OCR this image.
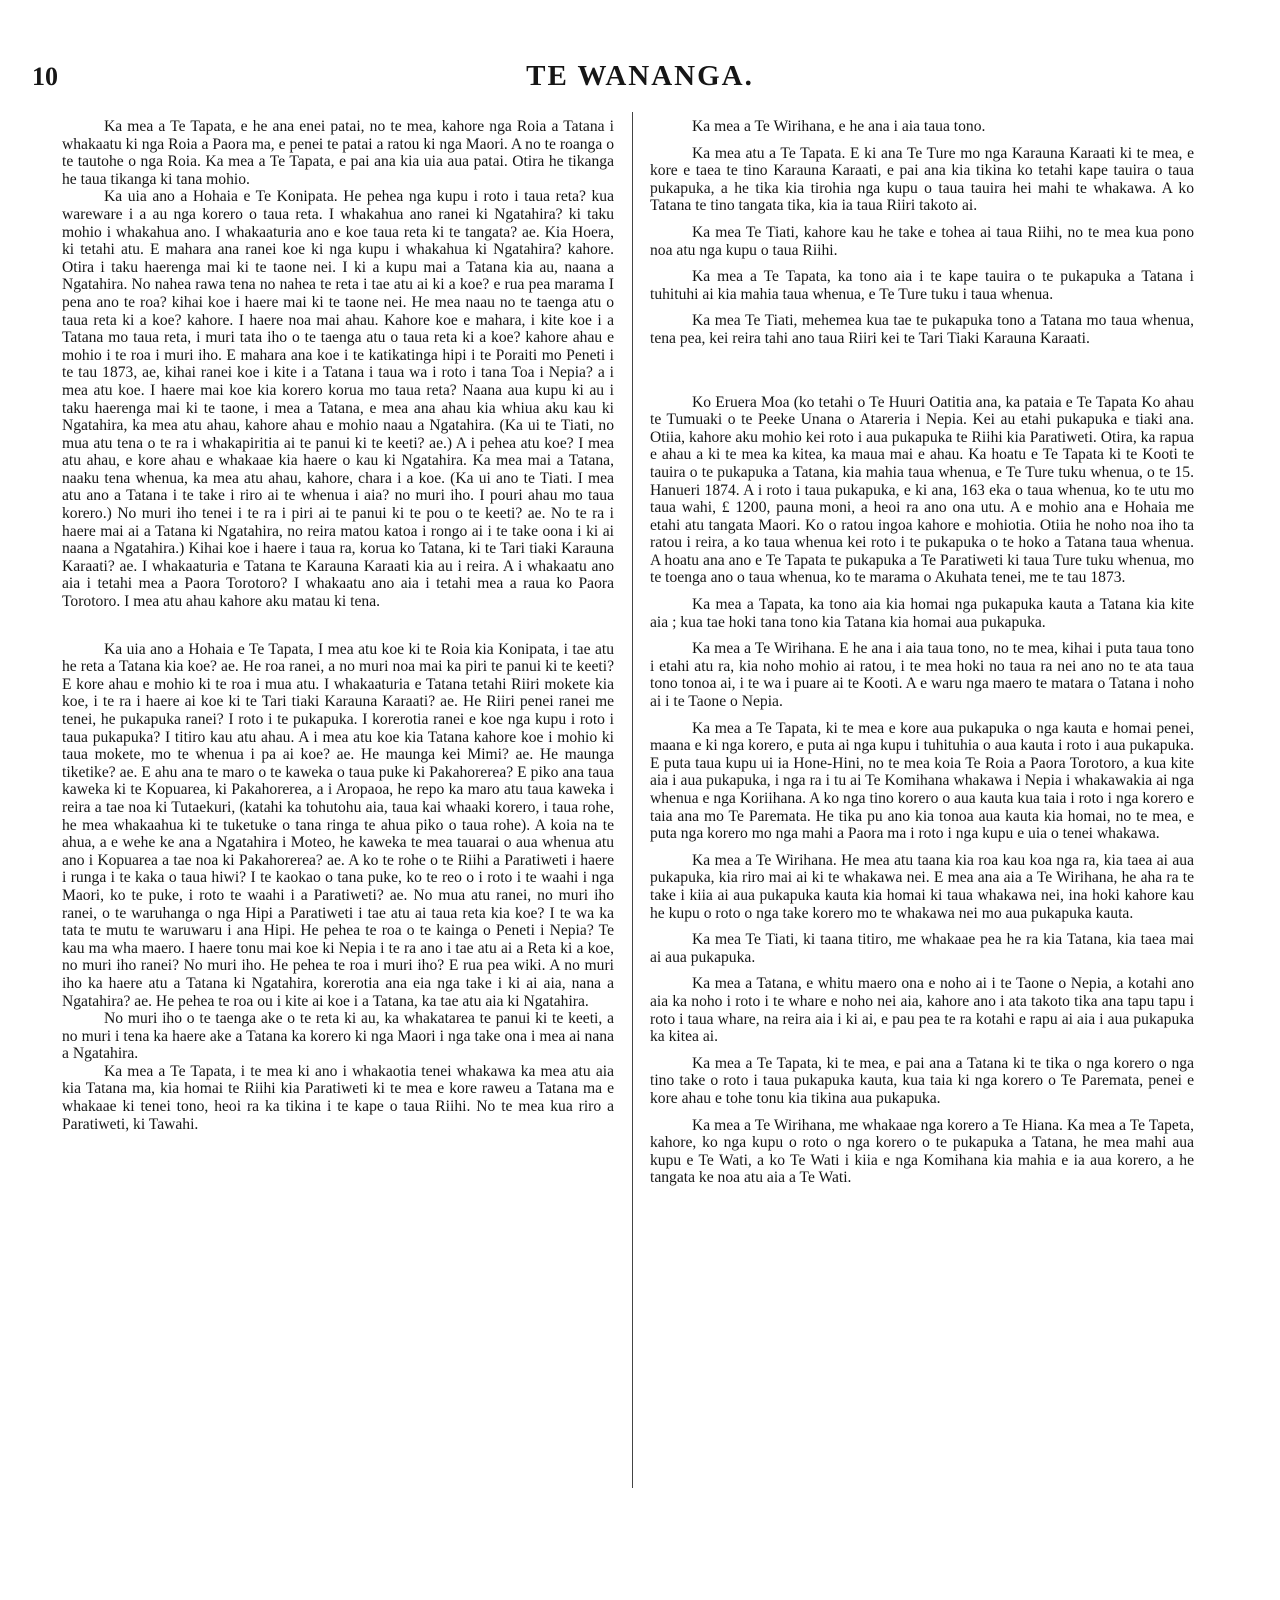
10	TE WANANGA.

Ka mea a Te Tapata, e he ana enei patai, no te mea, kahore nga Roia a Tatana i whakaatu ki nga Roia a Paora ma, e penei te patai a ratou ki nga Maori. A no te roanga o te tautohe o nga Roia. Ka mea a Te Tapata, e pai ana kia uia aua patai. Otira he tikanga he taua tikanga ki tana mohio.

Ka uia ano a Hohaia e Te Konipata. He pehea nga kupu i roto i taua reta? kua wareware i a au nga korero o taua reta. I whakahua ano ranei ki Ngatahira? ki taku mohio i whakahua ano. I whakaaturia ano e koe taua reta ki te tangata? ae. Kia Hoera, ki tetahi atu. E mahara ana ranei koe ki nga kupu i whakahua ki Ngatahira? kahore. Otira i taku haerenga mai ki te taone nei. I ki a kupu mai a Tatana kia au, naana a Ngatahira. No nahea rawa tena no nahea te reta i tae atu ai ki a koe? e rua pea marama I pena ano te roa? kihai koe i haere mai ki te taone nei. He mea naau no te taenga atu o taua reta ki a koe? kahore. I haere noa mai ahau. Kahore koe e mahara, i kite koe i a Tatana mo taua reta, i muri tata iho o te taenga atu o taua reta ki a koe? kahore ahau e mohio i te roa i muri iho. E mahara ana koe i te katikatinga hipi i te Poraiti mo Peneti i te tau 1873, ae, kihai ranei koe i kite i a Tatana i taua wa i roto i tana Toa i Nepia? a i mea atu koe. I haere mai koe kia korero korua mo taua reta? Naana aua kupu ki au i taku haerenga mai ki te taone, i mea a Tatana, e mea ana ahau kia whiua aku kau ki Ngatahira, ka mea atu ahau, kahore ahau e mohio naau a Ngatahira. (Ka ui te Tiati, no mua atu tena o te ra i whakapiritia ai te panui ki te keeti? ae.) A i pehea atu koe? I mea atu ahau, e kore ahau e whakaae kia haere o kau ki Ngatahira. Ka mea mai a Tatana, naaku tena whenua, ka mea atu ahau, kahore, chara i a koe. (Ka ui ano te Tiati. I mea atu ano a Tatana i te take i riro ai te whenua i aia? no muri iho. I pouri ahau mo taua korero.) No muri iho tenei i te ra i piri ai te panui ki te pou o te keeti? ae. No te ra i haere mai ai a Tatana ki Ngatahira, no reira matou katoa i rongo ai i te take oona i ki ai naana a Ngatahira.) Kihai koe i haere i taua ra, korua ko Tatana, ki te Tari tiaki Karauna Karaati? ae. I whakaaturia e Tatana te Karauna Karaati kia au i reira. A i whakaatu ano aia i tetahi mea a Paora Torotoro? I whakaatu ano aia i tetahi mea a raua ko Paora Torotoro. I mea atu ahau kahore aku matau ki tena.

Ka uia ano a Hohaia e Te Tapata, I mea atu koe ki te Roia kia Konipata, i tae atu he reta a Tatana kia koe? ae. He roa ranei, a no muri noa mai ka piri te panui ki te keeti? E kore ahau e mohio ki te roa i mua atu. I whakaaturia e Tatana tetahi Riiri mokete kia koe, i te ra i haere ai koe ki te Tari tiaki Karauna Karaati? ae. He Riiri penei ranei me tenei, he pukapuka ranei? I roto i te pukapuka. I korerotia ranei e koe nga kupu i roto i taua pukapuka? I titiro kau atu ahau. A i mea atu koe kia Tatana kahore koe i mohio ki taua mokete, mo te whenua i pa ai koe? ae. He maunga kei Mimi? ae. He maunga tiketike? ae. E ahu ana te maro o te kaweka o taua puke ki Pakahorerea? E piko ana taua kaweka ki te Kopuarea, ki Pakahorerea, a i Aropaoa, he repo ka maro atu taua kaweka i reira a tae noa ki Tutaekuri, (katahi ka tohutohu aia, taua kai whaaki korero, i taua rohe, he mea whakaahua ki te tuketuke o tana ringa te ahua piko o taua rohe). A koia na te ahua, a e wehe ke ana a Ngatahira i Moteo, he kaweka te mea tauarai o aua whenua atu ano i Kopuarea a tae noa ki Pakahorerea? ae. A ko te rohe o te Riihi a Paratiweti i haere i runga i te kaka o taua hiwi? I te kaokao o tana puke, ko te reo o i roto i te waahi i nga Maori, ko te puke, i roto te waahi i a Paratiweti? ae. No mua atu ranei, no muri iho ranei, o te waruhanga o nga Hipi a Paratiweti i tae atu ai taua reta kia koe? I te wa ka tata te mutu te waruwaru i ana Hipi. He pehea te roa o te kainga o Peneti i Nepia? Te kau ma wha maero. I haere tonu mai koe ki Nepia i te ra ano i tae atu ai a Reta ki a koe, no muri iho ranei? No muri iho. He pehea te roa i muri iho? E rua pea wiki. A no muri iho ka haere atu a Tatana ki Ngatahira, korerotia ana eia nga take i ki ai aia, nana a Ngatahira? ae. He pehea te roa ou i kite ai koe i a Tatana, ka tae atu aia ki Ngatahira.

No muri iho o te taenga ake o te reta ki au, ka whakatarea te panui ki te keeti, a no muri i tena ka haere ake a Tatana ka korero ki nga Maori i nga take ona i mea ai nana a Ngatahira.

Ka mea a Te Tapata, i te mea ki ano i whakaotia tenei whakawa ka mea atu aia kia Tatana ma, kia homai te Riihi kia Paratiweti ki te mea e kore raweu a Tatana ma e whakaae ki tenei tono, heoi ra ka tikina i te kape o taua Riihi. No te mea kua riro a Paratiweti, ki Tawahi.

Ka mea a Te Wirihana, e he ana i aia taua tono.

Ka mea atu a Te Tapata. E ki ana Te Ture mo nga Karauna Karaati ki te mea, e kore e taea te tino Karauna Karaati, e pai ana kia tikina ko tetahi kape tauira o taua pukapuka, a he tika kia tirohia nga kupu o taua tauira hei mahi te whakawa. A ko Tatana te tino tangata tika, kia ia taua Riiri takoto ai.

Ka mea Te Tiati, kahore kau he take e tohea ai taua Riihi, no te mea kua pono noa atu nga kupu o taua Riihi.

Ka mea a Te Tapata, ka tono aia i te kape tauira o te pukapuka a Tatana i tuhituhi ai kia mahia taua whenua, e Te Ture tuku i taua whenua.

Ka mea Te Tiati, mehemea kua tae te pukapuka tono a Tatana mo taua whenua, tena pea, kei reira tahi ano taua Riiri kei te Tari Tiaki Karauna Karaati.

Ko Eruera Moa (ko tetahi o Te Huuri Oatitia ana, ka pataia e Te Tapata Ko ahau te Tumuaki o te Peeke Unana o Atareria i Nepia. Kei au etahi pukapuka e tiaki ana. Otiia, kahore aku mohio kei roto i aua pukapuka te Riihi kia Paratiweti. Otira, ka rapua e ahau a ki te mea ka kitea, ka maua mai e ahau. Ka hoatu e Te Tapata ki te Kooti te tauira o te pukapuka a Tatana, kia mahia taua whenua, e Te Ture tuku whenua, o te 15. Hanueri 1874. A i roto i taua pukapuka, e ki ana, 163 eka o taua whenua, ko te utu mo taua wahi, £ 1200, pauna moni, a heoi ra ano ona utu. A e mohio ana e Hohaia me etahi atu tangata Maori. Ko o ratou ingoa kahore e mohiotia. Otiia he noho noa iho ta ratou i reira, a ko taua whenua kei roto i te pukapuka o te hoko a Tatana taua whenua. A hoatu ana ano e Te Tapata te pukapuka a Te Paratiweti ki taua Ture tuku whenua, mo te toenga ano o taua whenua, ko te marama o Akuhata tenei, me te tau 1873.

Ka mea a Tapata, ka tono aia kia homai nga pukapuka kauta a Tatana kia kite aia ; kua tae hoki tana tono kia Tatana kia homai aua pukapuka.

Ka mea a Te Wirihana. E he ana i aia taua tono, no te mea, kihai i puta taua tono i etahi atu ra, kia noho mohio ai ratou, i te mea hoki no taua ra nei ano no te ata taua tono tonoa ai, i te wa i puare ai te Kooti. A e waru nga maero te matara o Tatana i noho ai i te Taone o Nepia.

Ka mea a Te Tapata, ki te mea e kore aua pukapuka o nga kauta e homai penei, maana e ki nga korero, e puta ai nga kupu i tuhituhia o aua kauta i roto i aua pukapuka. E puta taua kupu ui ia Hone-Hini, no te mea koia Te Roia a Paora Torotoro, a kua kite aia i aua pukapuka, i nga ra i tu ai Te Komihana whakawa i Nepia i whakawakia ai nga whenua e nga Koriihana. A ko nga tino korero o aua kauta kua taia i roto i nga korero e taia ana mo Te Paremata. He tika pu ano kia tonoa aua kauta kia homai, no te mea, e puta nga korero mo nga mahi a Paora ma i roto i nga kupu e uia o tenei whakawa.

Ka mea a Te Wirihana. He mea atu taana kia roa kau koa nga ra, kia taea ai aua pukapuka, kia riro mai ai ki te whakawa nei. E mea ana aia a Te Wirihana, he aha ra te take i kiia ai aua pukapuka kauta kia homai ki taua whakawa nei, ina hoki kahore kau he kupu o roto o nga take korero mo te whakawa nei mo aua pukapuka kauta.

Ka mea Te Tiati, ki taana titiro, me whakaae pea he ra kia Tatana, kia taea mai ai aua pukapuka.

Ka mea a Tatana, e whitu maero ona e noho ai i te Taone o Nepia, a kotahi ano aia ka noho i roto i te whare e noho nei aia, kahore ano i ata takoto tika ana tapu tapu i roto i taua whare, na reira aia i ki ai, e pau pea te ra kotahi e rapu ai aia i aua pukapuka ka kitea ai.

Ka mea a Te Tapata, ki te mea, e pai ana a Tatana ki te tika o nga korero o nga tino take o roto i taua pukapuka kauta, kua taia ki nga korero o Te Paremata, penei e kore ahau e tohe tonu kia tikina aua pukapuka.

Ka mea a Te Wirihana, me whakaae nga korero a Te Hiana. Ka mea a Te Tapeta, kahore, ko nga kupu o roto o nga korero o te pukapuka a Tatana, he mea mahi aua kupu e Te Wati, a ko Te Wati i kiia e nga Komihana kia mahia e ia aua korero, a he tangata ke noa atu aia a Te Wati.
